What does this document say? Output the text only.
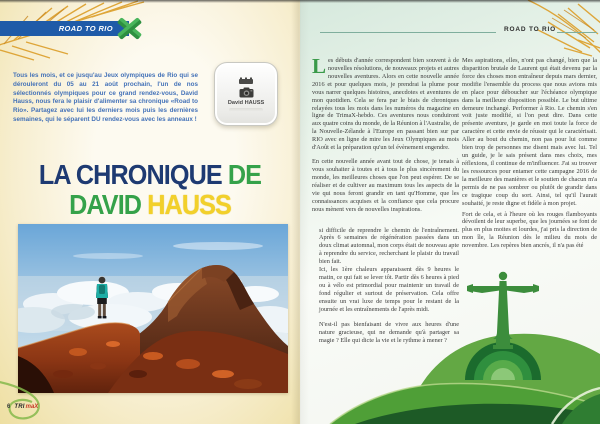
ROAD TO RIO

Tous les mois, et ce jusqu'au Jeux olympiques de Rio qui se dérouleront du 05 au 21 août prochain, l'un de nos sélectionnés olympiques pour ce grand rendez-vous, David Hauss, nous fera le plaisir d'alimenter sa chronique «Road to Rio». Partagez avec lui les derniers mois puis les dernières semaines, qui le séparent DU rendez-vous avec les anneaux !

David HAUSS
LA CHRONIQUE DE
DAVID HAUSS
6 TRI maX
ROAD TO RIO

Les débuts d'année correspondent bien souvent à de nouvelles résolutions, de nouveaux projets et autres nouvelles aventures. Alors en cette nouvelle année 2016 et pour quelques mois, je prendrai la plume pour vous narrer quelques histoires, anecdotes et aventures de mon quotidien. Cela se fera par le biais de chroniques relayées tous les mois dans les numéros du magazine en ligne de TrimaX-hebdo. Ces aventures nous conduiront aux quatre coins du monde, de la Réunion à l'Australie, de la Nouvelle-Zélande à l'Europe en passant bien sur par RIO avec en ligne de mire les Jeux Olympiques au mois d'Août et la préparation qu'un tel évènement engendre.

En cette nouvelle année avant tout de chose, je tenais à vous souhaiter à toutes et à tous le plus sincèrement du monde, les meilleures choses que l'on peut espérer. De se réaliser et de cultiver au maximum tous les aspects de la vie qui nous feront grandir en tant qu'Homme, que les connaissances acquises et la confiance que cela procure nous mènent vers de nouvelles inspirations.

si difficile de reprendre le chemin de l'entraînement. Après 6 semaines de régénération passées dans un doux climat automnal, mon corps était de nouveau apte à reprendre du service, recherchant le plaisir du travail bien fait.

Ici, les 1ère chaleurs apparaissent dès 9 heures le matin, ce qui fait se lever tôt. Partir dès 6 heures à pied ou à vélo est primordial pour maintenir un travail de fond régulier et surtout de préservation. Cela offre ensuite un vrai luxe de temps pour le restant de la journée et les entraînements de l'après midi.

N'est-il pas bienfaisant de vivre aux heures d'une nature gracieuse, qui ne demande qu'à partager sa magie ? Elle qui dicte la vie et le rythme à mener ?

Mes aspirations, elles, n'ont pas changé, bien que la disparition brutale de Laurent qui était devenu par la force des choses mon entraîneur depuis mars dernier, modifie l'ensemble du process que nous avions mis en place pour déboucher sur l'échéance olympique dans la meilleure disposition possible. Le but ultime demeure inchangé. Performer à Rio. Le chemin s'en voit juste modifié, si l'on peut dire. Dans cette présente aventure, je garde en moi toute la force de caractère et cette envie de réussir qui le caractérisait. Aller au bout du chemin, non pas pour lui comme bien trop de personnes me disent mais avec lui. Tel un guide, je le sais présent dans mes choix, mes réflexions, il continue de m'influencer. J'ai su trouver les ressources pour entamer cette campagne 2016 de la meilleure des manières et le soutien de chacun m'a permis de ne pas sombrer ou plutôt de grandir dans ce tragique coup du sort. Ainsi, tel qu'il l'aurait souhaité, je reste digne et fidèle à mon projet.

Fort de cela, et à l'heure où les rouges flamboyants dévoilent de leur superbe, que les journées se font de plus en plus moites et lourdes, j'ai pris la direction de mon île, la Réunion dès le milieu du mois de novembre. Les repères bien ancrés, il n'a pas été
